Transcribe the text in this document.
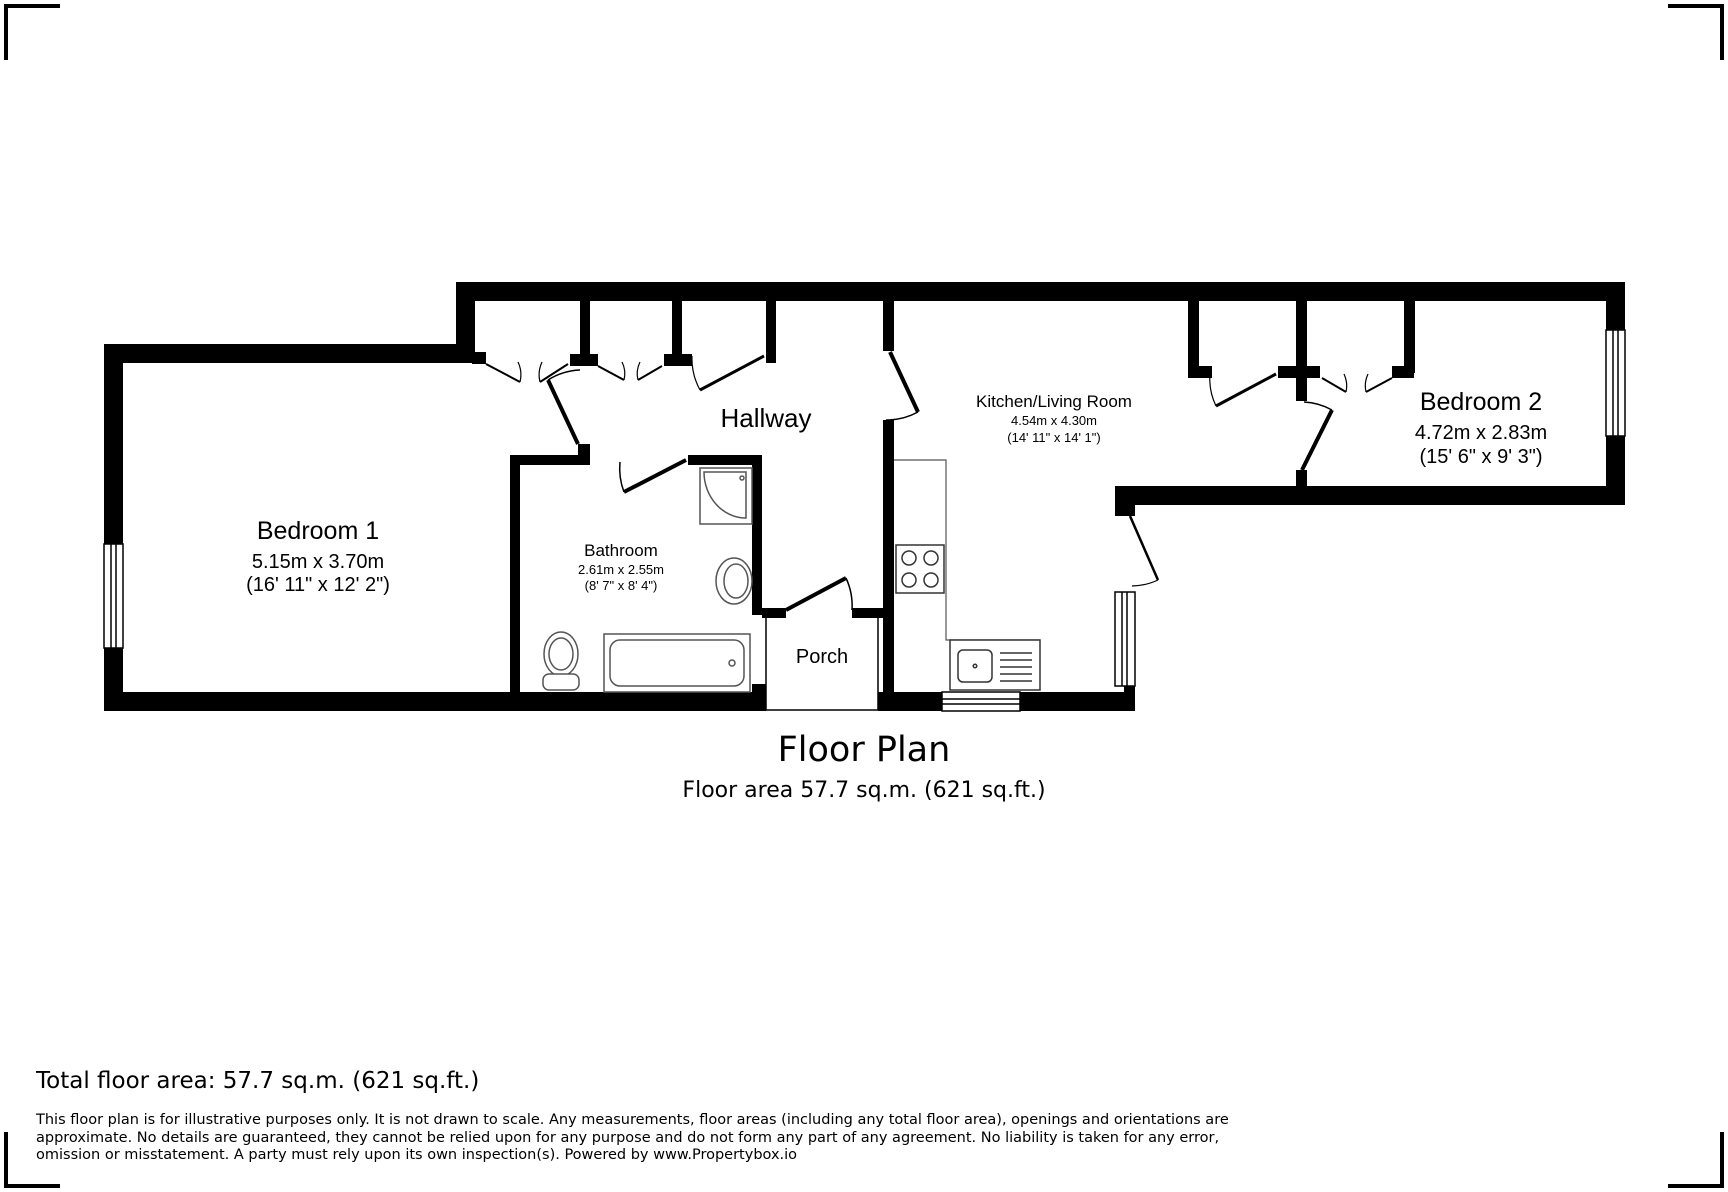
Bedroom 1
5.15m x 3.70m
(16' 11" x 12' 2")
Hallway
Bathroom
2.61m x 2.55m
(8' 7" x 8' 4")
Porch
Kitchen/Living Room
4.54m x 4.30m
(14' 11" x 14' 1")
Bedroom 2
4.72m x 2.83m
(15' 6" x 9' 3")
Floor Plan
Floor area 57.7 sq.m. (621 sq.ft.)
Total floor area: 57.7 sq.m. (621 sq.ft.)
This floor plan is for illustrative purposes only. It is not drawn to scale. Any measurements, floor areas (including any total floor area), openings and orientations are approximate. No details are guaranteed, they cannot be relied upon for any purpose and do not form any part of any agreement. No liability is taken for any error, omission or misstatement. A party must rely upon its own inspection(s). Powered by www.Propertybox.io
